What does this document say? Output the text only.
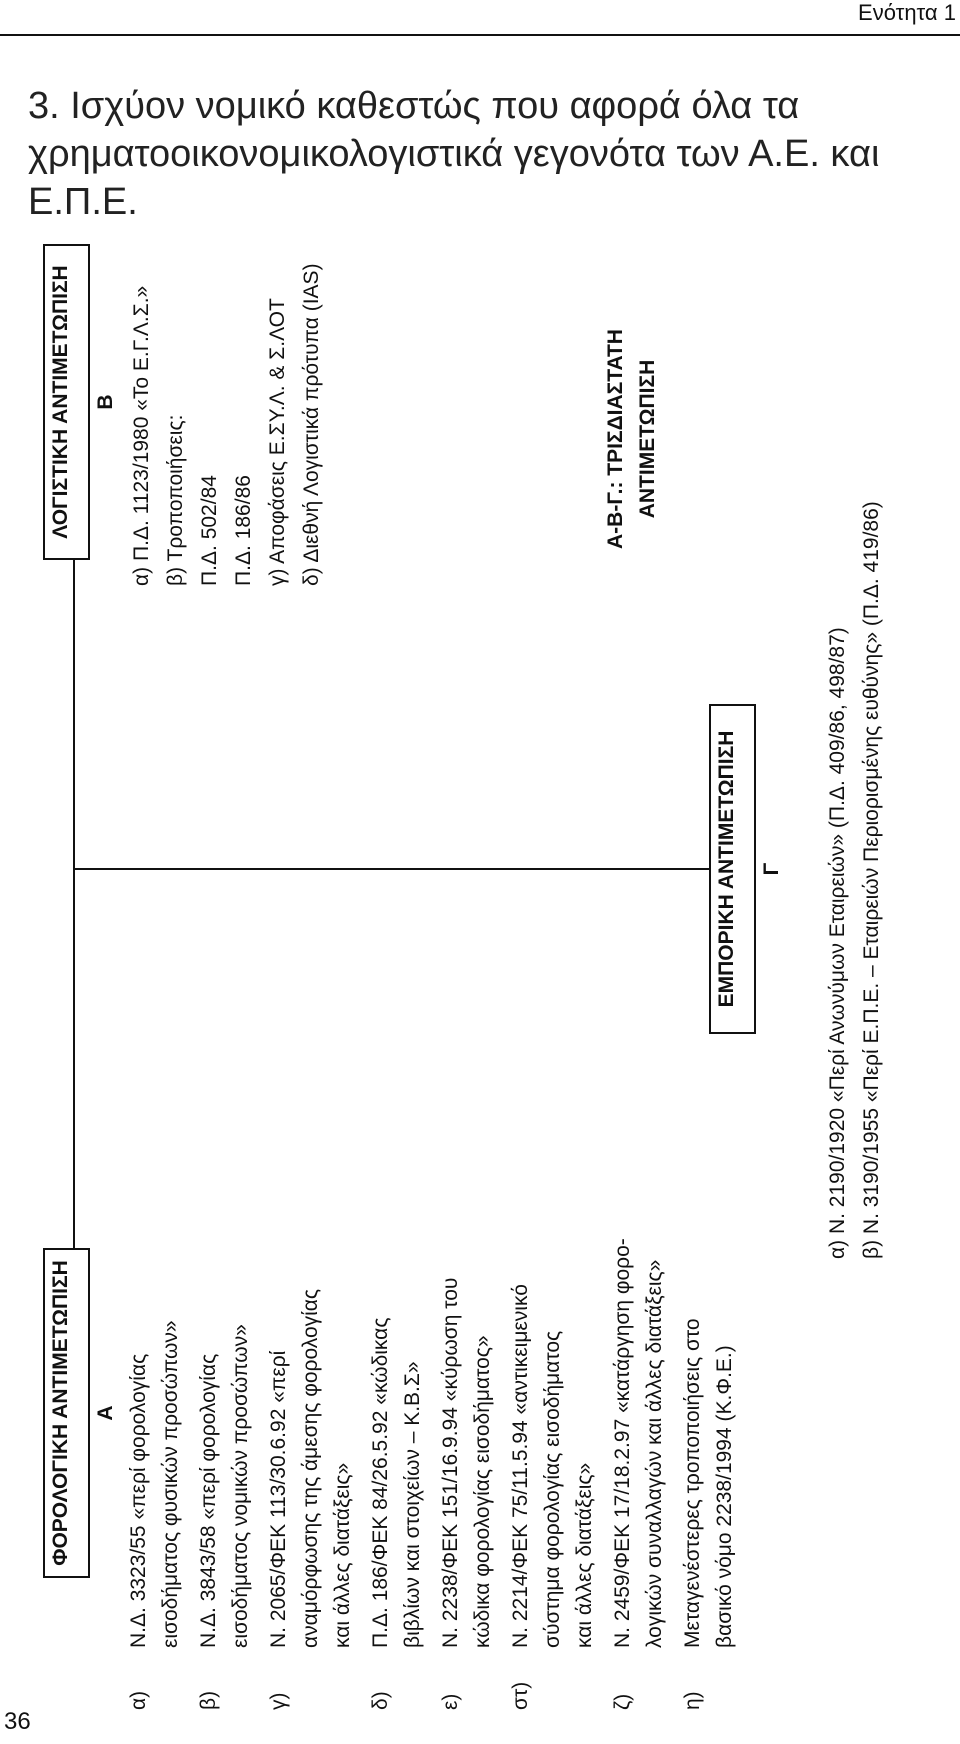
Ενότητα 1
3. Ισχύον νομικό καθεστώς που αφορά όλα τα χρηματοοικονομικολογιστικά γεγονότα των Α.Ε. και Ε.Π.Ε.
ΦΟΡΟΛΟΓΙΚΗ ΑΝΤΙΜΕΤΩΠΙΣΗ Α
ΛΟΓΙΣΤΙΚΗ ΑΝΤΙΜΕΤΩΠΙΣΗ Β
ΕΜΠΟΡΙΚΗ ΑΝΤΙΜΕΤΩΠΙΣΗ Γ
α)
Ν.Δ. 3323/55 «περί φορολογίας εισοδήματος φυσικών προσώπων»
β)
Ν.Δ. 3843/58 «περί φορολογίας εισοδήματος νομικών προσώπων»
γ)
Ν. 2065/ΦΕΚ 113/30.6.92 «περί αναμόρφωσης της άμεσης φορολογίας και άλλες διατάξεις»
δ)
Π.Δ. 186/ΦΕΚ 84/26.5.92 «κώδικας βιβλίων και στοιχείων – Κ.Β.Σ»
ε)
Ν. 2238/ΦΕΚ 151/16.9.94 «κύρωση του κώδικα φορολογίας εισοδήματος»
στ)
Ν. 2214/ΦΕΚ 75/11.5.94 «αντικειμενικό σύστημα φορολογίας εισοδήματος και άλλες διατάξεις»
ζ)
Ν. 2459/ΦΕΚ 17/18.2.97 «κατάργηση φορο- λογικών συναλλαγών και άλλες διατάξεις»
η)
Μεταγενέστερες τροποποιήσεις στο βασικό νόμο 2238/1994 (Κ.Φ.Ε.)
α) Π.Δ. 1123/1980 «Το Ε.Γ.Λ.Σ.» β) Τροποποιήσεις: Π.Δ. 502/84 Π.Δ. 186/86 γ) Αποφάσεις Ε.ΣΥ.Λ. & Σ.ΛΟΤ δ) Διεθνή Λογιστικά πρότυπα (IAS)	Α-Β-Γ.: ΤΡΙΣΔΙΑΣΤΑΤΗ ΑΝΤΙΜΕΤΩΠΙΣΗ
α) Ν. 2190/1920 «Περί Ανωνύμων Εταιρειών» (Π.Δ. 409/86, 498/87) β) Ν. 3190/1955 «Περί Ε.Π.Ε. – Εταιρειών Περιορισμένης ευθύνης» (Π.Δ. 419/86)
36
